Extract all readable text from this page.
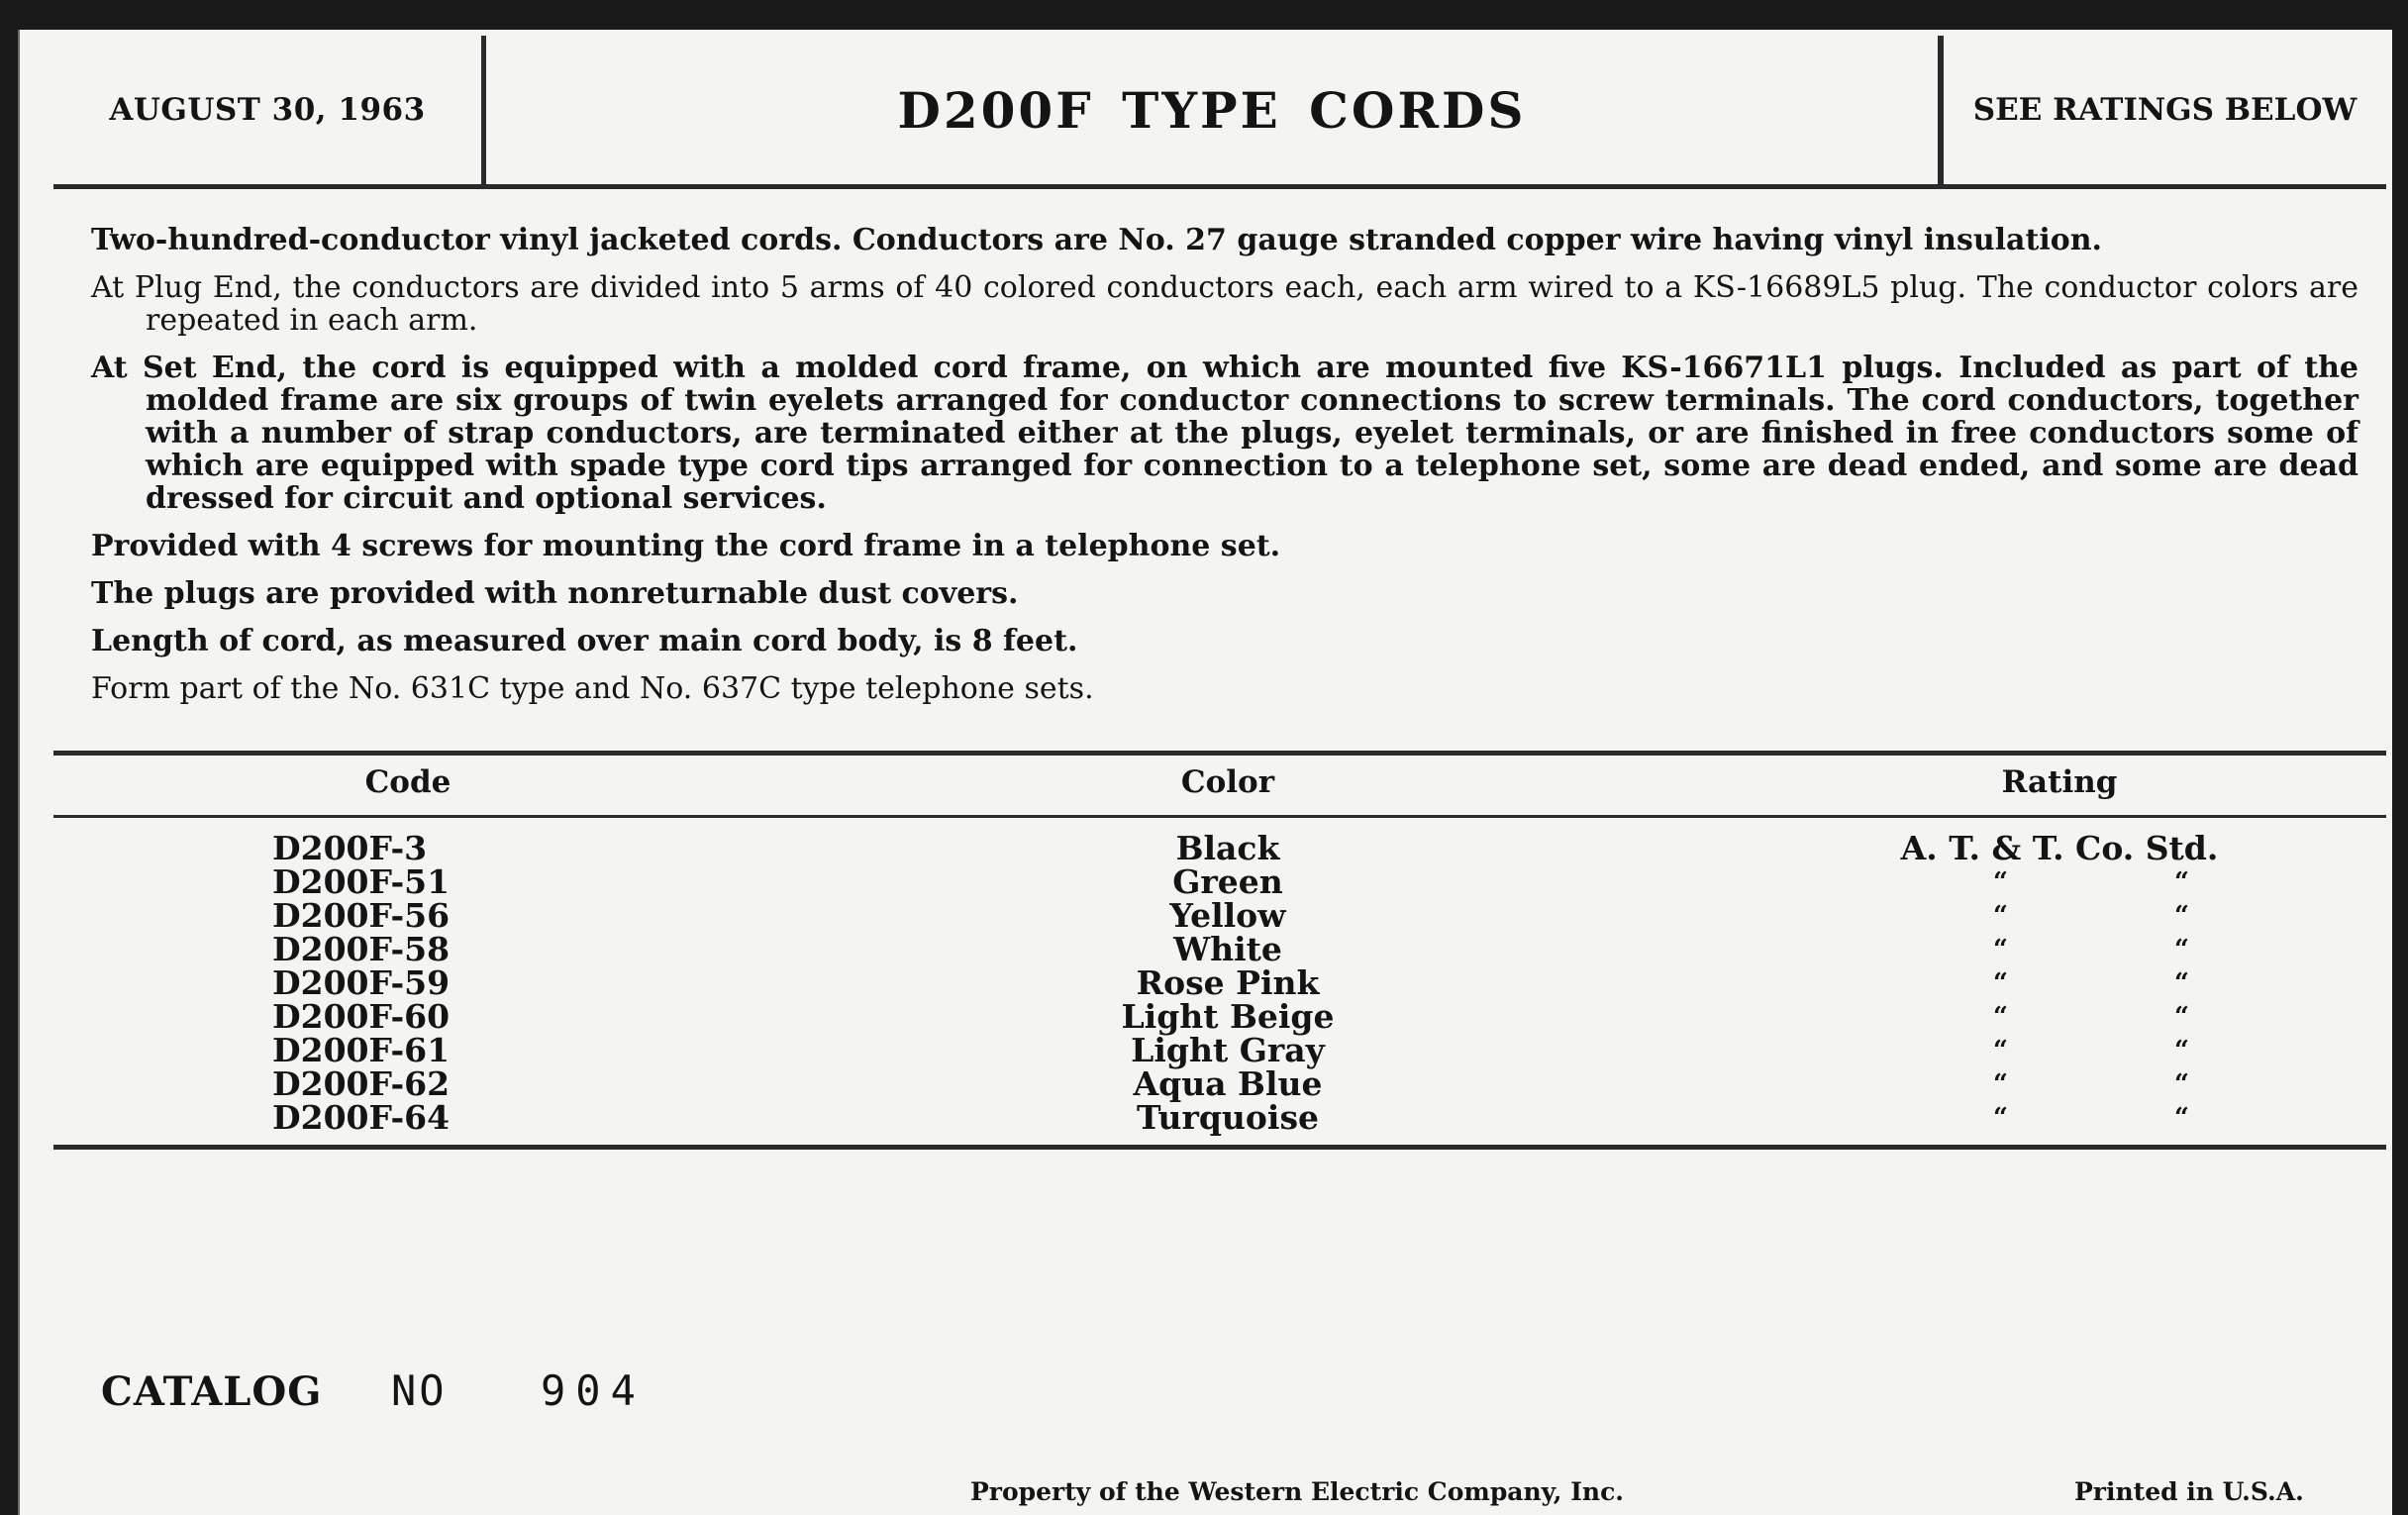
AUGUST 30, 1963	D200F TYPE CORDS	SEE RATINGS BELOW

Two-hundred-conductor vinyl jacketed cords. Conductors are No. 27 gauge stranded copper wire having vinyl insulation.

At Plug End, the conductors are divided into 5 arms of 40 colored conductors each, each arm wired to a KS-16689L5 plug. The conductor colors are repeated in each arm.

At Set End, the cord is equipped with a molded cord frame, on which are mounted five KS-16671L1 plugs. Included as part of the molded frame are six groups of twin eyelets arranged for conductor connections to screw terminals. The cord conductors, together with a number of strap conductors, are terminated either at the plugs, eyelet terminals, or are finished in free conductors some of which are equipped with spade type cord tips arranged for connection to a telephone set, some are dead ended, and some are dead dressed for circuit and optional services.

Provided with 4 screws for mounting the cord frame in a telephone set.

The plugs are provided with nonreturnable dust covers.

Length of cord, as measured over main cord body, is 8 feet.

Form part of the No. 631C type and No. 637C type telephone sets.

Code	Color	Rating
D200F-3	Black	A. T. & T. Co. Std.
D200F-51	Green	“	“
D200F-56	Yellow	“	“
D200F-58	White	“	“
D200F-59	Rose Pink	“	“
D200F-60	Light Beige	“	“
D200F-61	Light Gray	“	“
D200F-62	Aqua Blue	“	“
D200F-64	Turquoise	“	“
CATALOG NO 904
Property of the Western Electric Company, Inc.	Printed in U.S.A.
